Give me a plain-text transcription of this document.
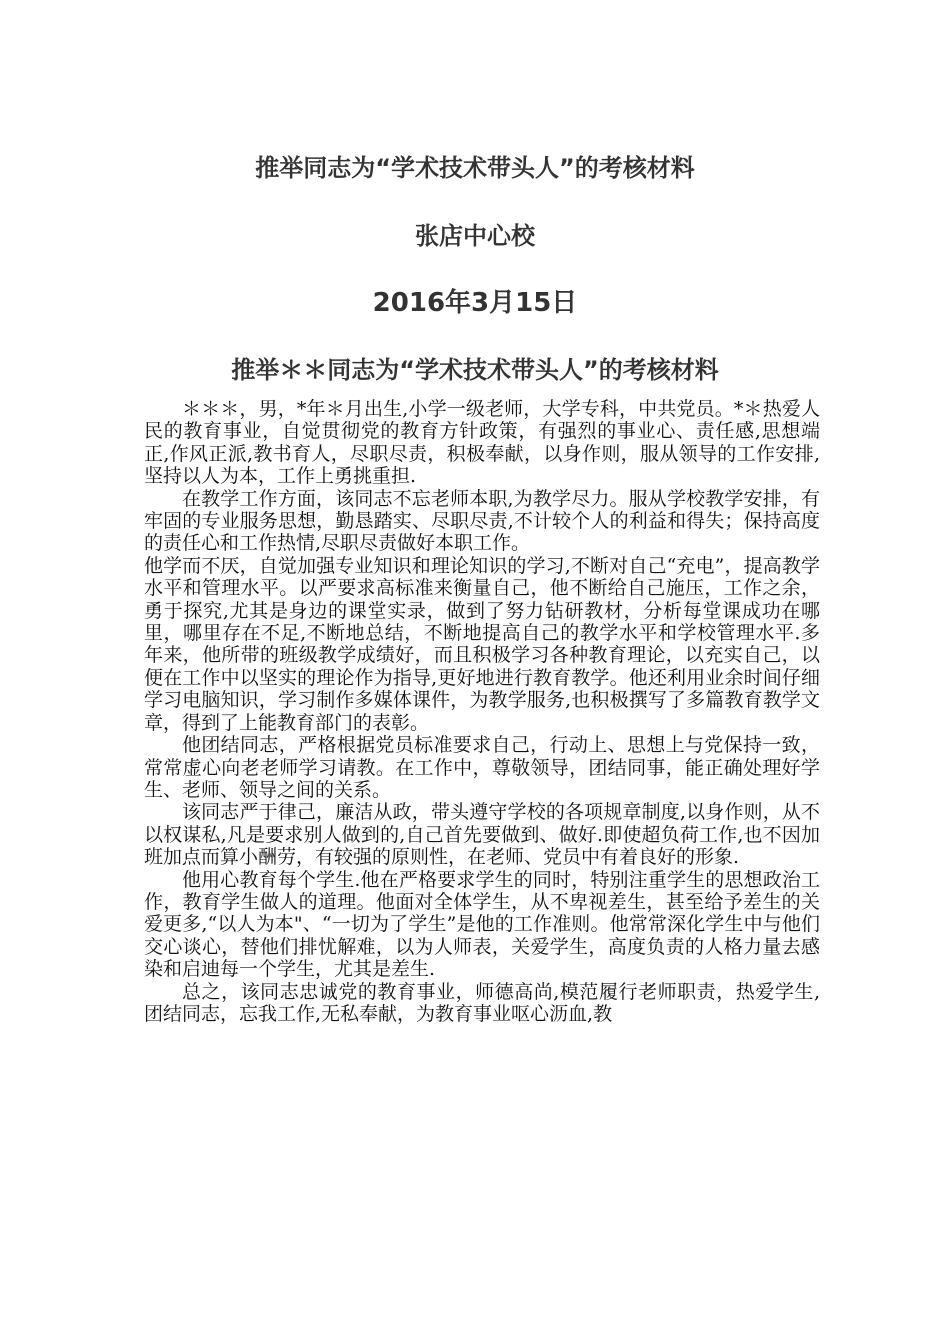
推举同志为“学术技术带头人”的考核材料
张店中心校
2016年3月15日
推举＊＊同志为“学术技术带头人”的考核材料

＊＊＊，男，*年＊月出生,小学一级老师，大学专科，中共党员。*＊热爱人民的教育事业，自觉贯彻党的教育方针政策，有强烈的事业心、责任感,思想端正,作风正派,教书育人，尽职尽责，积极奉献，以身作则，服从领导的工作安排,坚持以人为本，工作上勇挑重担.

在教学工作方面，该同志不忘老师本职,为教学尽力。服从学校教学安排，有牢固的专业服务思想，勤恳踏实、尽职尽责,不计较个人的利益和得失；保持高度的责任心和工作热情,尽职尽责做好本职工作。

他学而不厌，自觉加强专业知识和理论知识的学习,不断对自己“充电”，提高教学水平和管理水平。以严要求高标准来衡量自己，他不断给自己施压，工作之余，勇于探究,尤其是身边的课堂实录，做到了努力钻研教材，分析每堂课成功在哪里，哪里存在不足,不断地总结，不断地提高自己的教学水平和学校管理水平.多年来，他所带的班级教学成绩好，而且积极学习各种教育理论，以充实自己，以便在工作中以坚实的理论作为指导,更好地进行教育教学。他还利用业余时间仔细学习电脑知识，学习制作多媒体课件，为教学服务,也积极撰写了多篇教育教学文章，得到了上能教育部门的表彰。

他团结同志，严格根据党员标准要求自己，行动上、思想上与党保持一致，常常虚心向老老师学习请教。在工作中，尊敬领导，团结同事，能正确处理好学生、老师、领导之间的关系。

该同志严于律己，廉洁从政，带头遵守学校的各项规章制度,以身作则，从不以权谋私,凡是要求别人做到的,自己首先要做到、做好.即使超负荷工作,也不因加班加点而算小酬劳，有较强的原则性，在老师、党员中有着良好的形象.

他用心教育每个学生.他在严格要求学生的同时，特别注重学生的思想政治工作，教育学生做人的道理。他面对全体学生，从不卑视差生，甚至给予差生的关爱更多,“以人为本"、“一切为了学生”是他的工作准则。他常常深化学生中与他们交心谈心，替他们排忧解难，以为人师表，关爱学生，高度负责的人格力量去感染和启迪每一个学生，尤其是差生.

总之，该同志忠诚党的教育事业，师德高尚,模范履行老师职责，热爱学生,团结同志，忘我工作,无私奉献，为教育事业呕心沥血,教
